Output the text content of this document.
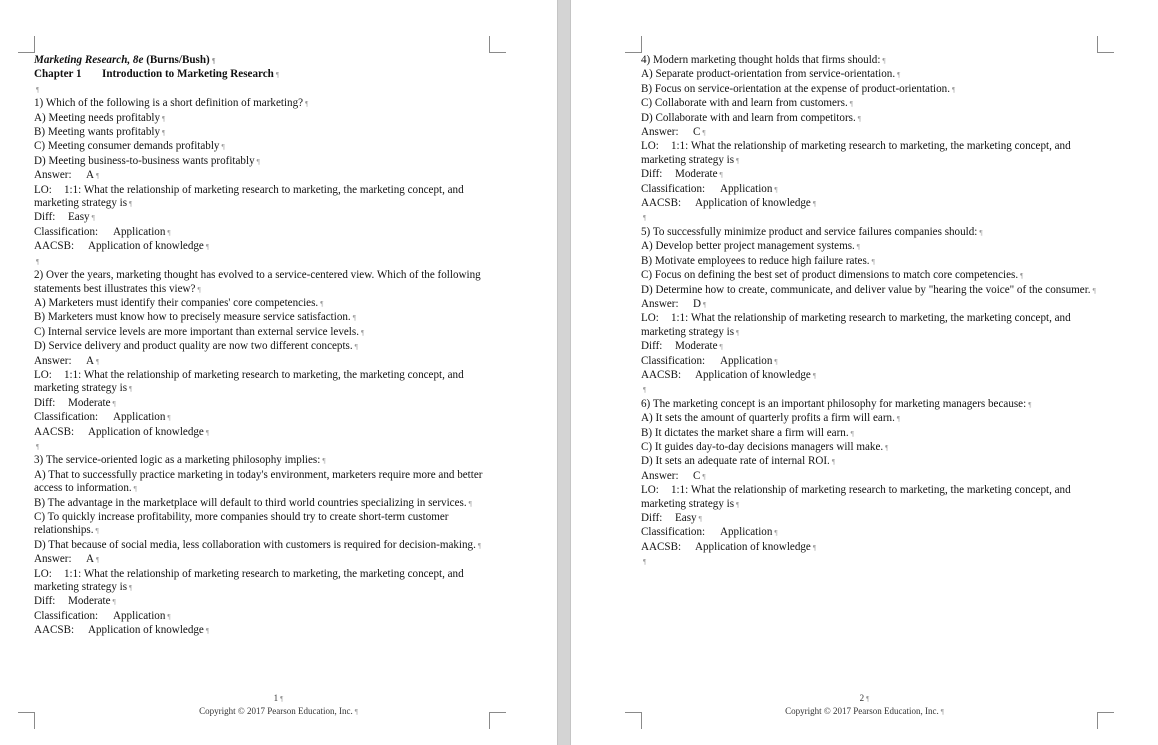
Marketing Research, 8e (Burns/Bush) ¶
Chapter 1 Introduction to Marketing Research ¶
¶
1) Which of the following is a short definition of marketing? ¶
A) Meeting needs profitably ¶
B) Meeting wants profitably ¶
C) Meeting consumer demands profitably ¶
D) Meeting business-to-business wants profitably ¶
Answer: A ¶
LO: 1:1: What the relationship of marketing research to marketing, the marketing concept, and marketing strategy is ¶
Diff: Easy ¶
Classification: Application ¶
AACSB: Application of knowledge ¶
¶
2) Over the years, marketing thought has evolved to a service-centered view. Which of the following statements best illustrates this view? ¶
A) Marketers must identify their companies' core competencies. ¶
B) Marketers must know how to precisely measure service satisfaction. ¶
C) Internal service levels are more important than external service levels. ¶
D) Service delivery and product quality are now two different concepts. ¶
Answer: A ¶
LO: 1:1: What the relationship of marketing research to marketing, the marketing concept, and marketing strategy is ¶
Diff: Moderate ¶
Classification: Application ¶
AACSB: Application of knowledge ¶
¶
3) The service-oriented logic as a marketing philosophy implies: ¶
A) That to successfully practice marketing in today's environment, marketers require more and better access to information. ¶
B) The advantage in the marketplace will default to third world countries specializing in services. ¶
C) To quickly increase profitability, more companies should try to create short-term customer relationships. ¶
D) That because of social media, less collaboration with customers is required for decision-making. ¶
Answer: A ¶
LO: 1:1: What the relationship of marketing research to marketing, the marketing concept, and marketing strategy is ¶
Diff: Moderate ¶
Classification: Application ¶
AACSB: Application of knowledge ¶
1 ¶
Copyright © 2017 Pearson Education, Inc. ¶
4) Modern marketing thought holds that firms should: ¶
A) Separate product-orientation from service-orientation. ¶
B) Focus on service-orientation at the expense of product-orientation. ¶
C) Collaborate with and learn from customers. ¶
D) Collaborate with and learn from competitors. ¶
Answer: C ¶
LO: 1:1: What the relationship of marketing research to marketing, the marketing concept, and marketing strategy is ¶
Diff: Moderate ¶
Classification: Application ¶
AACSB: Application of knowledge ¶
¶
5) To successfully minimize product and service failures companies should: ¶
A) Develop better project management systems. ¶
B) Motivate employees to reduce high failure rates. ¶
C) Focus on defining the best set of product dimensions to match core competencies. ¶
D) Determine how to create, communicate, and deliver value by "hearing the voice" of the consumer. ¶
Answer: D ¶
LO: 1:1: What the relationship of marketing research to marketing, the marketing concept, and marketing strategy is ¶
Diff: Moderate ¶
Classification: Application ¶
AACSB: Application of knowledge ¶
¶
6) The marketing concept is an important philosophy for marketing managers because: ¶
A) It sets the amount of quarterly profits a firm will earn. ¶
B) It dictates the market share a firm will earn. ¶
C) It guides day-to-day decisions managers will make. ¶
D) It sets an adequate rate of internal ROI. ¶
Answer: C ¶
LO: 1:1: What the relationship of marketing research to marketing, the marketing concept, and marketing strategy is ¶
Diff: Easy ¶
Classification: Application ¶
AACSB: Application of knowledge ¶
¶
2 ¶
Copyright © 2017 Pearson Education, Inc. ¶
